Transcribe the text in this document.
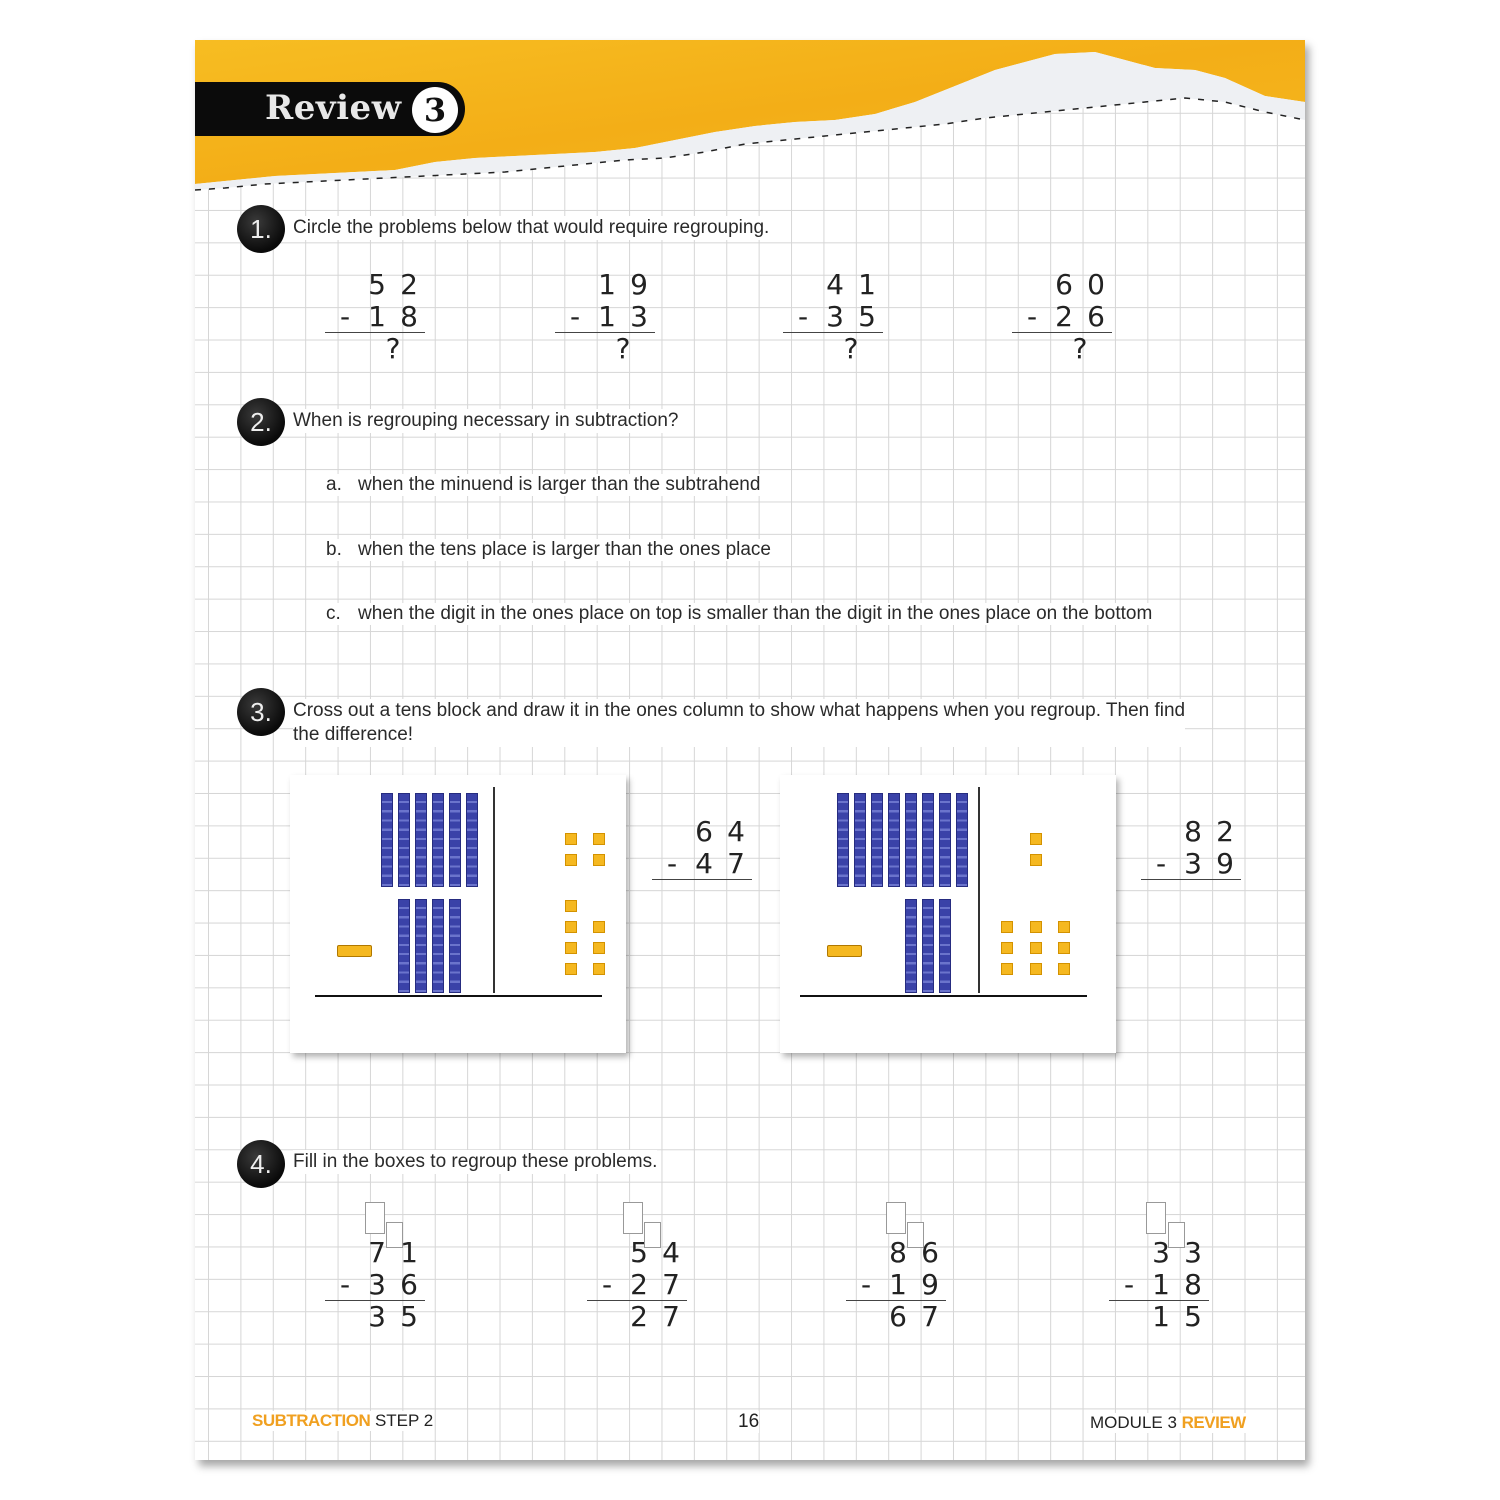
Review 3
1.	Circle the problems below that would require regrouping.
5 2
- 1 8
?
1 9
- 1 3
?
4 1
- 3 5
?
6 0
- 2 6
?
2.	When is regrouping necessary in subtraction?
a. when the minuend is larger than the subtrahend
b. when the tens place is larger than the ones place
c. when the digit in the ones place on top is smaller than the digit in the ones place on the bottom
3.	Cross out a tens block and draw it in the ones column to show what happens when you regroup. Then find
the difference!
6 4
- 4 7
8 2
- 3 9
4.	Fill in the boxes to regroup these problems.
7 1
- 3 6
3 5
5 4
- 2 7
2 7
8 6
- 1 9
6 7
3 3
- 1 8
1 5
SUBTRACTION STEP 2	16	MODULE 3 REVIEW
